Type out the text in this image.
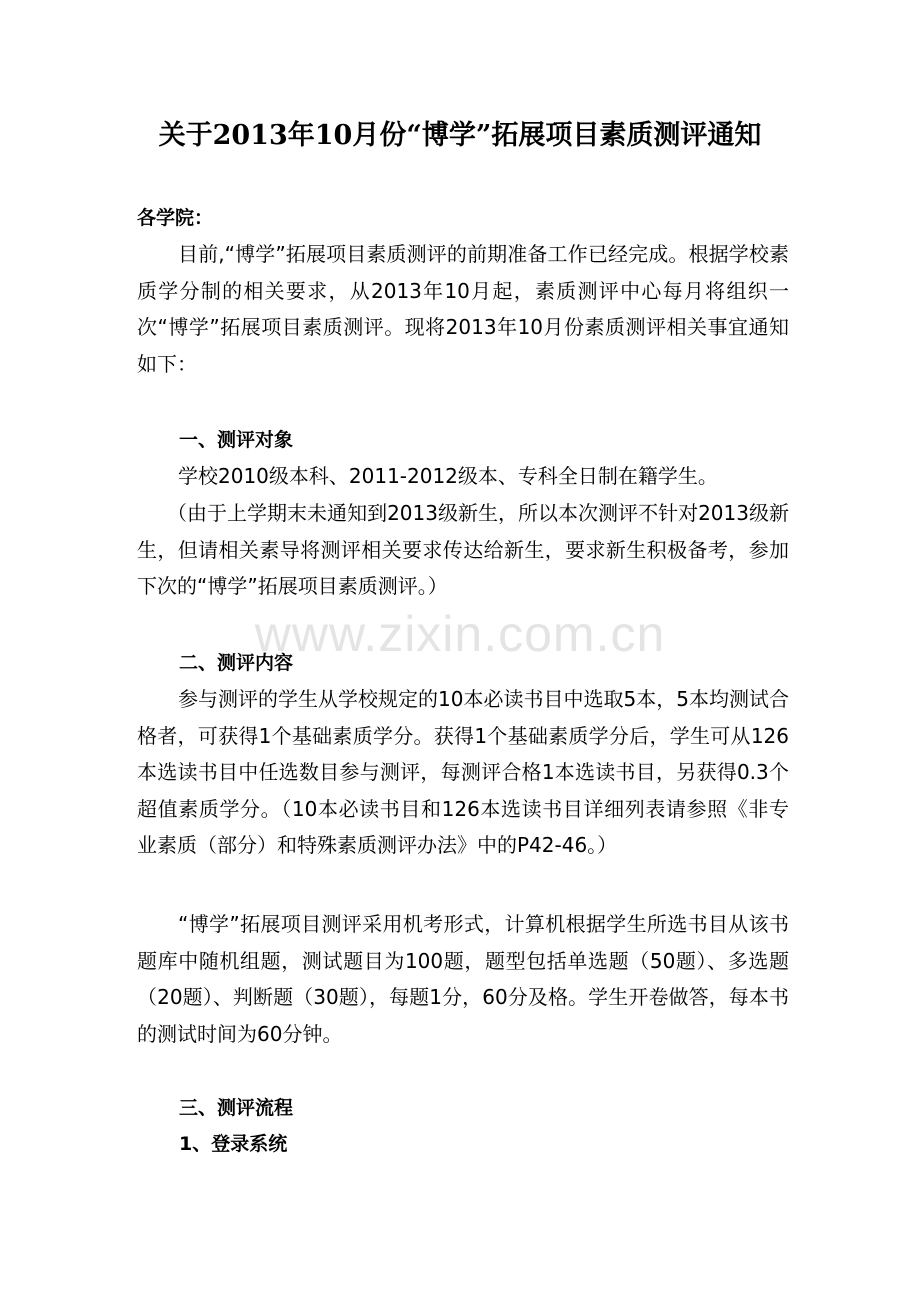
关于2013年10月份“博学”拓展项目素质测评通知
各学院：
目前,“博学”拓展项目素质测评的前期准备工作已经完成。根据学校素质学分制的相关要求，从2013年10月起，素质测评中心每月将组织一次“博学”拓展项目素质测评。现将2013年10月份素质测评相关事宜通知如下：
一、测评对象
学校2010级本科、2011-2012级本、专科全日制在籍学生。
（由于上学期末未通知到2013级新生，所以本次测评不针对2013级新生，但请相关素导将测评相关要求传达给新生，要求新生积极备考，参加下次的“博学”拓展项目素质测评。）
www.zixin.com.cn
二、测评内容
参与测评的学生从学校规定的10本必读书目中选取5本，5本均测试合格者，可获得1个基础素质学分。获得1个基础素质学分后，学生可从126本选读书目中任选数目参与测评，每测评合格1本选读书目，另获得0.3个超值素质学分。（10本必读书目和126本选读书目详细列表请参照《非专业素质（部分）和特殊素质测评办法》中的P42-46。）
“博学”拓展项目测评采用机考形式，计算机根据学生所选书目从该书题库中随机组题，测试题目为100题，题型包括单选题（50题）、多选题（20题）、判断题（30题），每题1分，60分及格。学生开卷做答，每本书的测试时间为60分钟。
三、测评流程
1、登录系统
